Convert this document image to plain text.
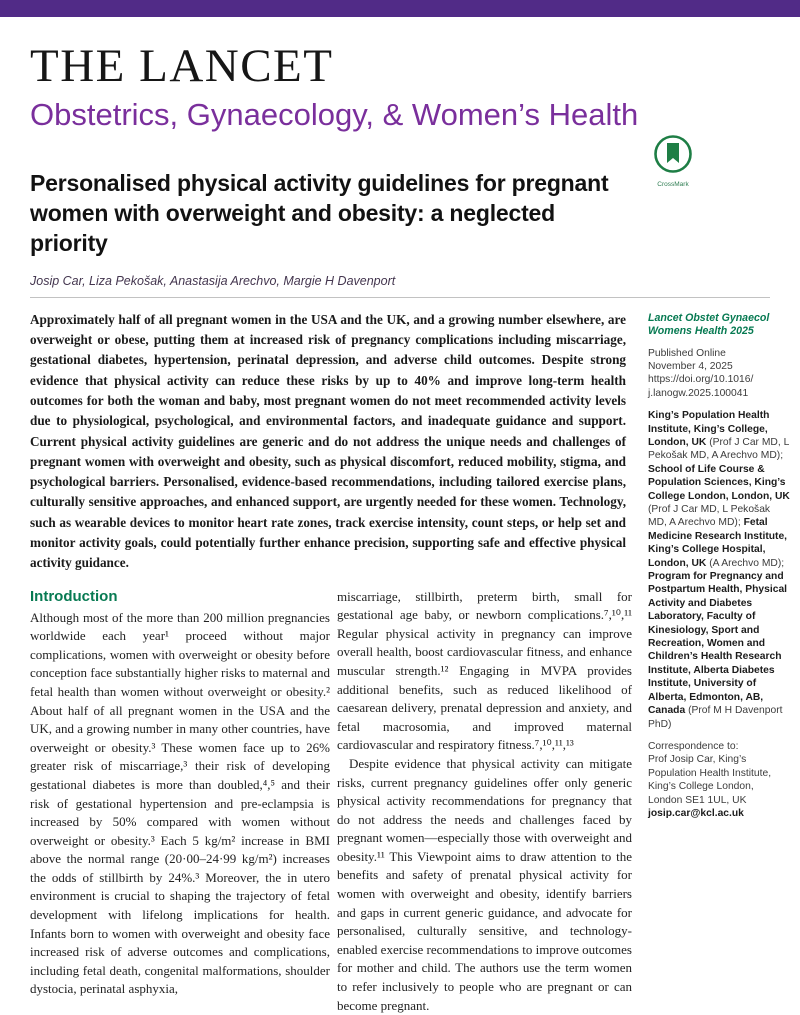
THE LANCET
Obstetrics, Gynaecology, & Women’s Health
Personalised physical activity guidelines for pregnant women with overweight and obesity: a neglected priority
CrossMark

Josip Car, Liza Pekošak, Anastasija Arechvo, Margie H Davenport

Approximately half of all pregnant women in the USA and the UK, and a growing number elsewhere, are overweight or obese, putting them at increased risk of pregnancy complications including miscarriage, gestational diabetes, hypertension, perinatal depression, and adverse child outcomes. Despite strong evidence that physical activity can reduce these risks by up to 40% and improve long-term health outcomes for both the woman and baby, most pregnant women do not meet recommended activity levels due to physiological, psychological, and environmental factors, and inadequate guidance and support. Current physical activity guidelines are generic and do not address the unique needs and challenges of pregnant women with overweight and obesity, such as physical discomfort, reduced mobility, stigma, and psychological barriers. Personalised, evidence-based recommendations, including tailored exercise plans, culturally sensitive approaches, and enhanced support, are urgently needed for these women. Technology, such as wearable devices to monitor heart rate zones, track exercise intensity, count steps, or help set and monitor activity goals, could potentially further enhance precision, supporting safe and effective physical activity guidance.

Introduction

Although most of the more than 200 million pregnancies worldwide each year¹ proceed without major complications, women with overweight or obesity before conception face substantially higher risks to maternal and fetal health than women without overweight or obesity.² About half of all pregnant women in the USA and the UK, and a growing number in many other countries, have overweight or obesity.³ These women face up to 26% greater risk of miscarriage,³ their risk of developing gestational diabetes is more than doubled,⁴,⁵ and their risk of gestational hypertension and pre-eclampsia is increased by 50% compared with women without overweight or obesity.³ Each 5 kg/m² increase in BMI above the normal range (20·00–24·99 kg/m²) increases the odds of stillbirth by 24%.³ Moreover, the in utero environment is crucial to shaping the trajectory of fetal development with lifelong implications for health. Infants born to women with overweight and obesity face increased risk of adverse outcomes and complications, including fetal death, congenital malformations, shoulder dystocia, perinatal asphyxia,

miscarriage, stillbirth, preterm birth, small for gestational age baby, or newborn complications.⁷,¹⁰,¹¹ Regular physical activity in pregnancy can improve overall health, boost cardiovascular fitness, and enhance muscular strength.¹² Engaging in MVPA provides additional benefits, such as reduced likelihood of caesarean delivery, prenatal depression and anxiety, and fetal macrosomia, and improved maternal cardiovascular and respiratory fitness.⁷,¹⁰,¹¹,¹³

Despite evidence that physical activity can mitigate risks, current pregnancy guidelines offer only generic physical activity recommendations for pregnancy that do not address the needs and challenges faced by pregnant women—especially those with overweight and obesity.¹¹ This Viewpoint aims to draw attention to the benefits and safety of prenatal physical activity for women with overweight and obesity, identify barriers and gaps in current generic guidance, and advocate for personalised, culturally sensitive, and technology-enabled exercise recommendations to improve outcomes for mother and child. The authors use the term women to refer inclusively to people who are pregnant or can become pregnant.

Lancet Obstet Gynaecol Womens Health 2025

Published Online
November 4, 2025
https://doi.org/10.1016/
j.lanogw.2025.100041

King’s Population Health Institute, King’s College, London, UK (Prof J Car MD, L Pekošak MD, A Arechvo MD); School of Life Course & Population Sciences, King’s College London, London, UK (Prof J Car MD, L Pekošak MD, A Arechvo MD); Fetal Medicine Research Institute, King’s College Hospital, London, UK (A Arechvo MD); Program for Pregnancy and Postpartum Health, Physical Activity and Diabetes Laboratory, Faculty of Kinesiology, Sport and Recreation, Women and Children’s Health Research Institute, Alberta Diabetes Institute, University of Alberta, Edmonton, AB, Canada (Prof M H Davenport PhD)

Correspondence to:
Prof Josip Car, King’s Population Health Institute, King’s College London, London SE1 1UL, UK
josip.car@kcl.ac.uk
